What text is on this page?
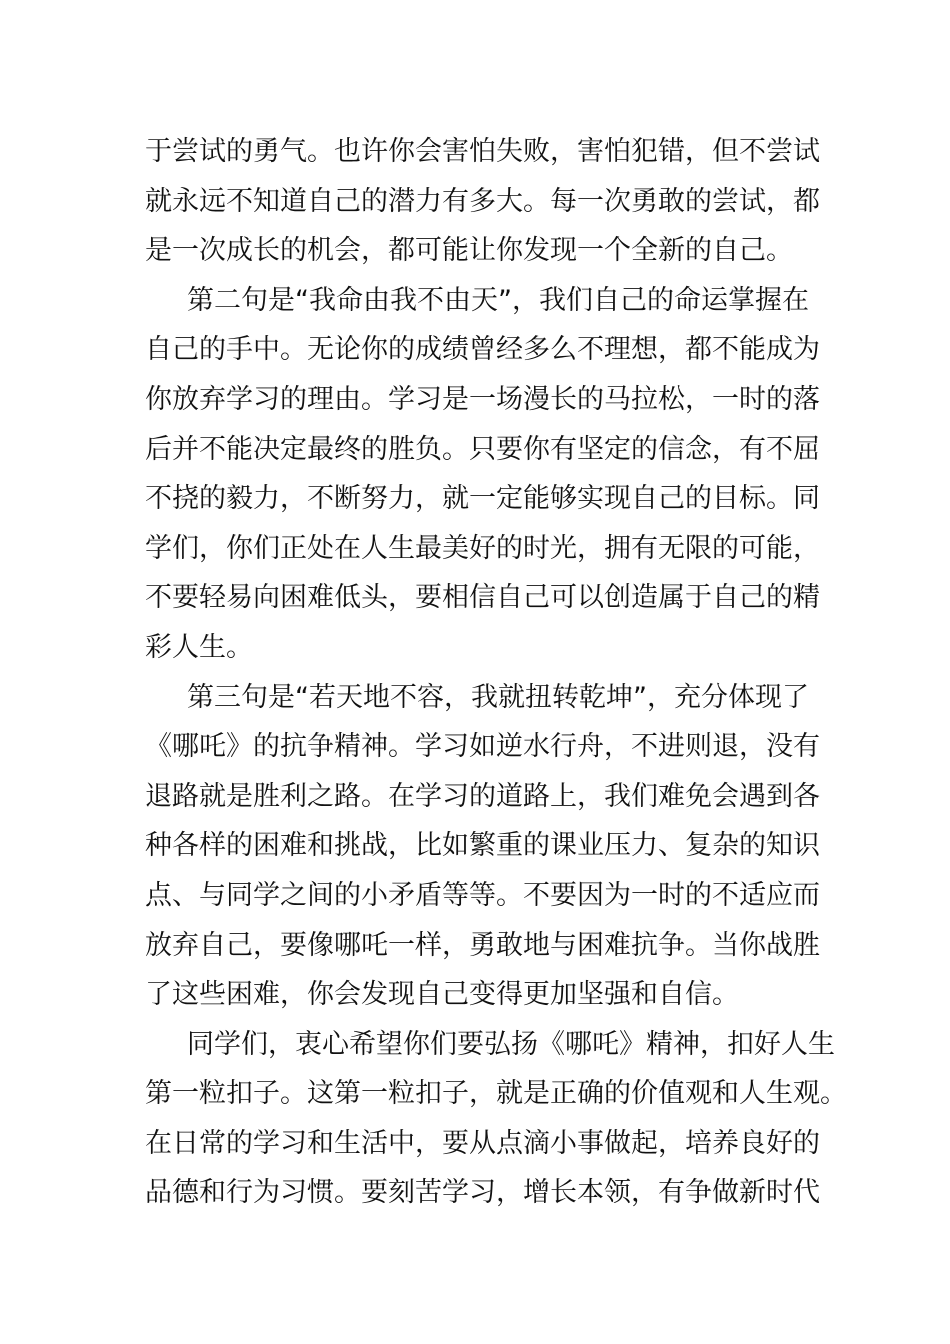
于尝试的勇气。也许你会害怕失败，害怕犯错，但不尝试
就永远不知道自己的潜力有多大。每一次勇敢的尝试，都
是一次成长的机会，都可能让你发现一个全新的自己。
第二句是“我命由我不由天”，我们自己的命运掌握在
自己的手中。无论你的成绩曾经多么不理想，都不能成为
你放弃学习的理由。学习是一场漫长的马拉松，一时的落
后并不能决定最终的胜负。只要你有坚定的信念，有不屈
不挠的毅力，不断努力，就一定能够实现自己的目标。同
学们，你们正处在人生最美好的时光，拥有无限的可能，
不要轻易向困难低头，要相信自己可以创造属于自己的精
彩人生。
第三句是“若天地不容，我就扭转乾坤”，充分体现了
《哪吒》的抗争精神。学习如逆水行舟，不进则退，没有
退路就是胜利之路。在学习的道路上，我们难免会遇到各
种各样的困难和挑战，比如繁重的课业压力、复杂的知识
点、与同学之间的小矛盾等等。不要因为一时的不适应而
放弃自己，要像哪吒一样，勇敢地与困难抗争。当你战胜
了这些困难，你会发现自己变得更加坚强和自信。
同学们，衷心希望你们要弘扬《哪吒》精神，扣好人生
第一粒扣子。这第一粒扣子，就是正确的价值观和人生观。
在日常的学习和生活中，要从点滴小事做起，培养良好的
品德和行为习惯。要刻苦学习，增长本领，有争做新时代
